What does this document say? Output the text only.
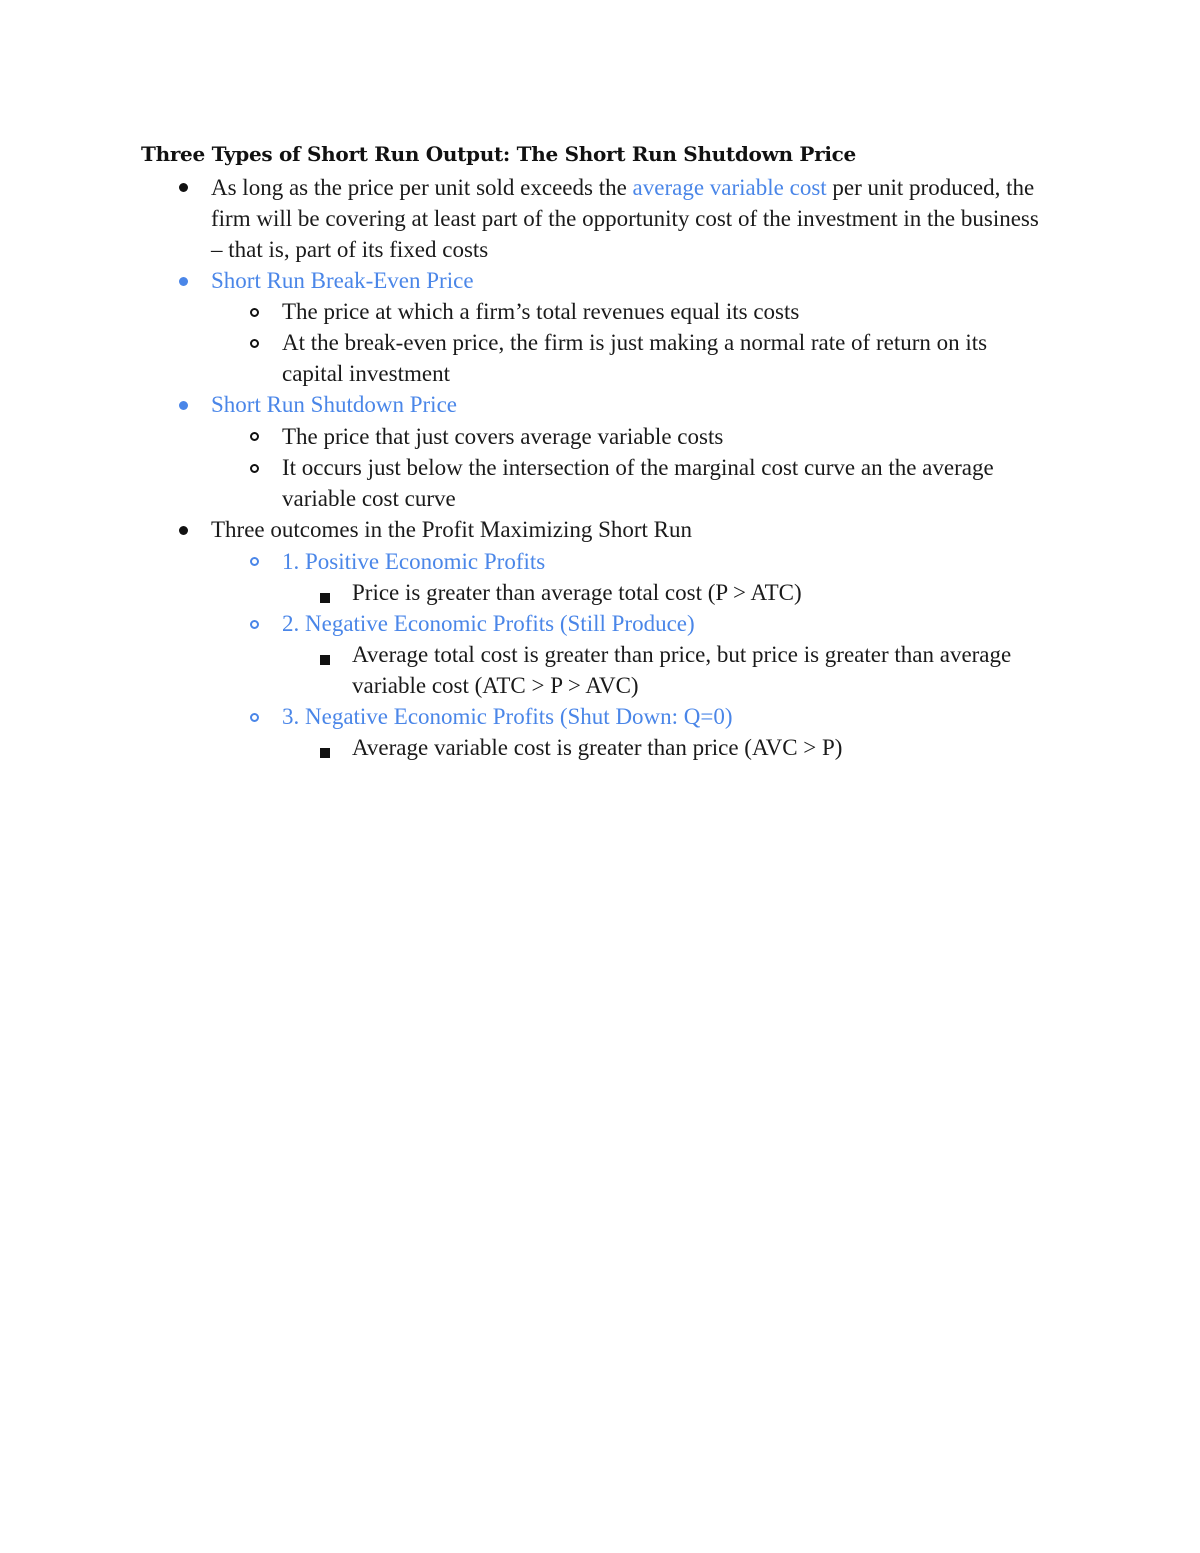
Three Types of Short Run Output: The Short Run Shutdown Price
As long as the price per unit sold exceeds the average variable cost per unit produced, the
firm will be covering at least part of the opportunity cost of the investment in the business
– that is, part of its fixed costs
Short Run Break-Even Price
The price at which a firm’s total revenues equal its costs
At the break-even price, the firm is just making a normal rate of return on its
capital investment
Short Run Shutdown Price
The price that just covers average variable costs
It occurs just below the intersection of the marginal cost curve an the average
variable cost curve
Three outcomes in the Profit Maximizing Short Run
1. Positive Economic Profits
Price is greater than average total cost (P > ATC)
2. Negative Economic Profits (Still Produce)
Average total cost is greater than price, but price is greater than average
variable cost (ATC > P > AVC)
3. Negative Economic Profits (Shut Down: Q=0)
Average variable cost is greater than price (AVC > P)
